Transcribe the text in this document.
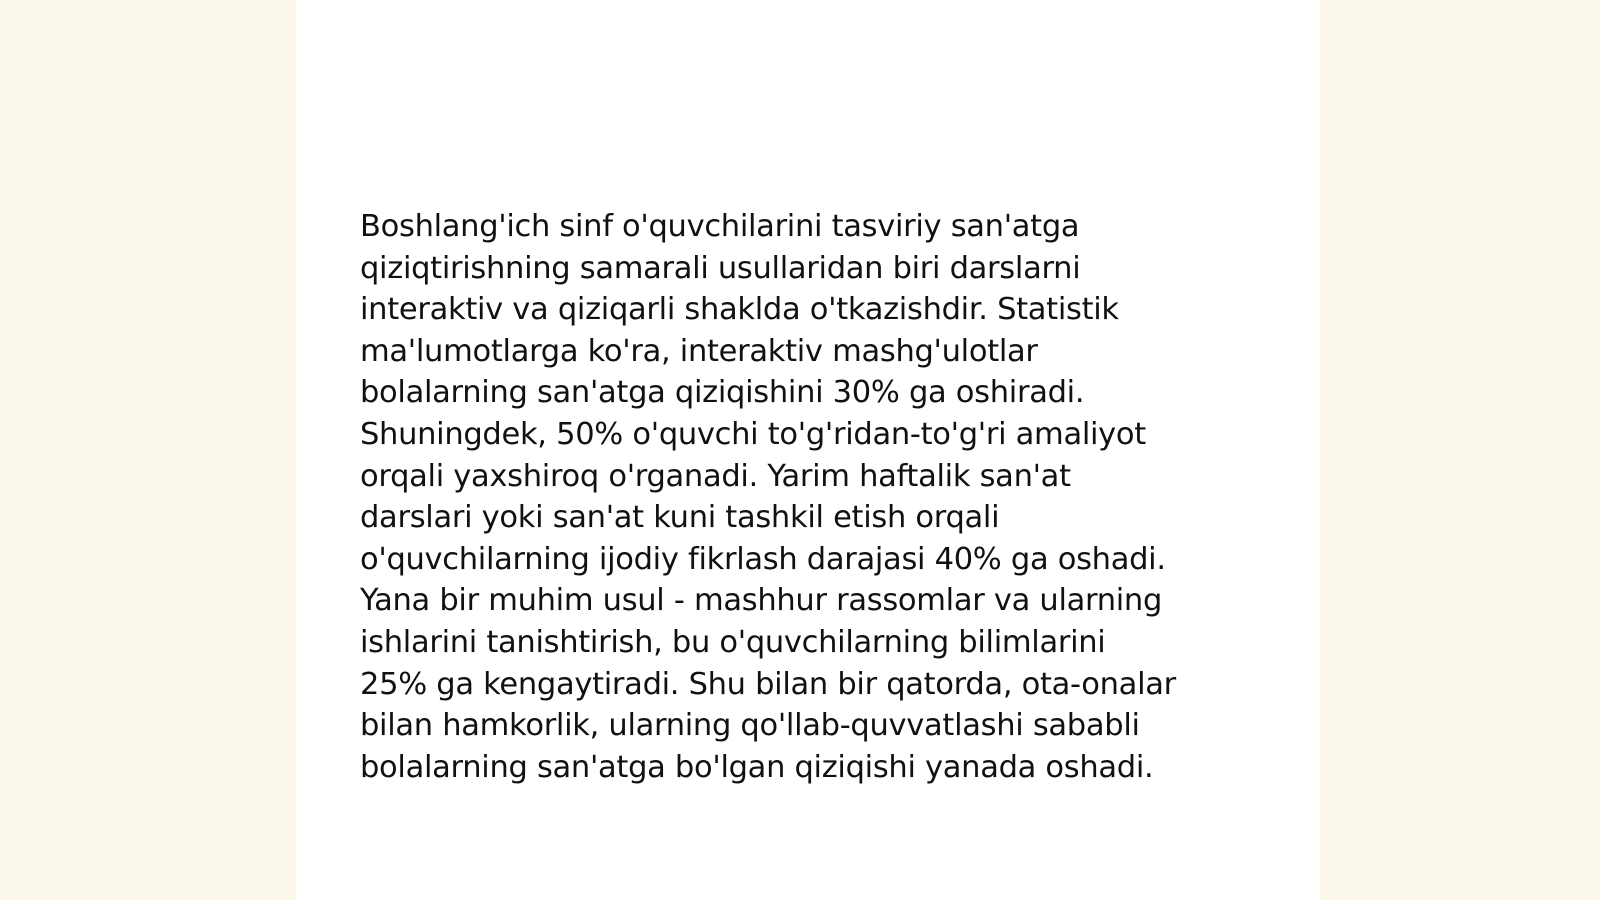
Boshlang'ich sinf o'quvchilarini tasviriy san'atga
qiziqtirishning samarali usullaridan biri darslarni
interaktiv va qiziqarli shaklda o'tkazishdir. Statistik
ma'lumotlarga ko'ra, interaktiv mashg'ulotlar
bolalarning san'atga qiziqishini 30% ga oshiradi.
Shuningdek, 50% o'quvchi to'g'ridan-to'g'ri amaliyot
orqali yaxshiroq o'rganadi. Yarim haftalik san'at
darslari yoki san'at kuni tashkil etish orqali
o'quvchilarning ijodiy fikrlash darajasi 40% ga oshadi.
Yana bir muhim usul - mashhur rassomlar va ularning
ishlarini tanishtirish, bu o'quvchilarning bilimlarini
25% ga kengaytiradi. Shu bilan bir qatorda, ota-onalar
bilan hamkorlik, ularning qo'llab-quvvatlashi sababli
bolalarning san'atga bo'lgan qiziqishi yanada oshadi.
